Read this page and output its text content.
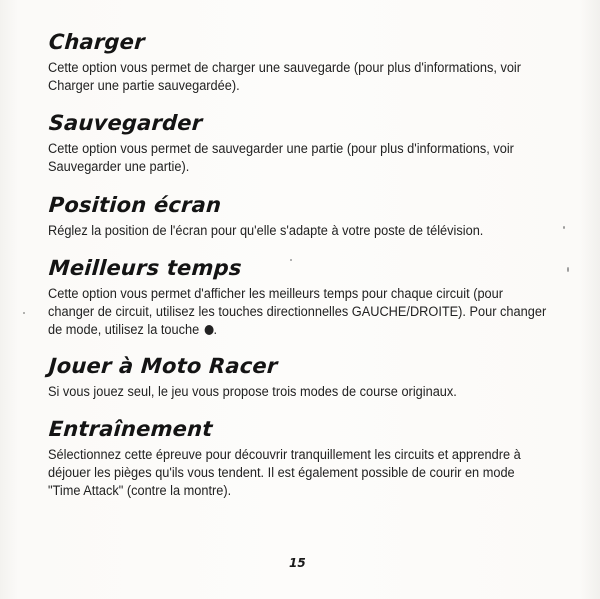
Charger

Cette option vous permet de charger une sauvegarde (pour plus d'informations, voir Charger une partie sauvegardée).

Sauvegarder

Cette option vous permet de sauvegarder une partie (pour plus d'informations, voir Sauvegarder une partie).

Position écran

Réglez la position de l'écran pour qu'elle s'adapte à votre poste de télévision.

Meilleurs temps

Cette option vous permet d'afficher les meilleurs temps pour chaque circuit (pour changer de circuit, utilisez les touches directionnelles GAUCHE/DROITE). Pour changer de mode, utilisez la touche .

Jouer à Moto Racer

Si vous jouez seul, le jeu vous propose trois modes de course originaux.

Entraînement

Sélectionnez cette épreuve pour découvrir tranquillement les circuits et apprendre à déjouer les pièges qu'ils vous tendent. Il est également possible de courir en mode "Time Attack" (contre la montre).

15
